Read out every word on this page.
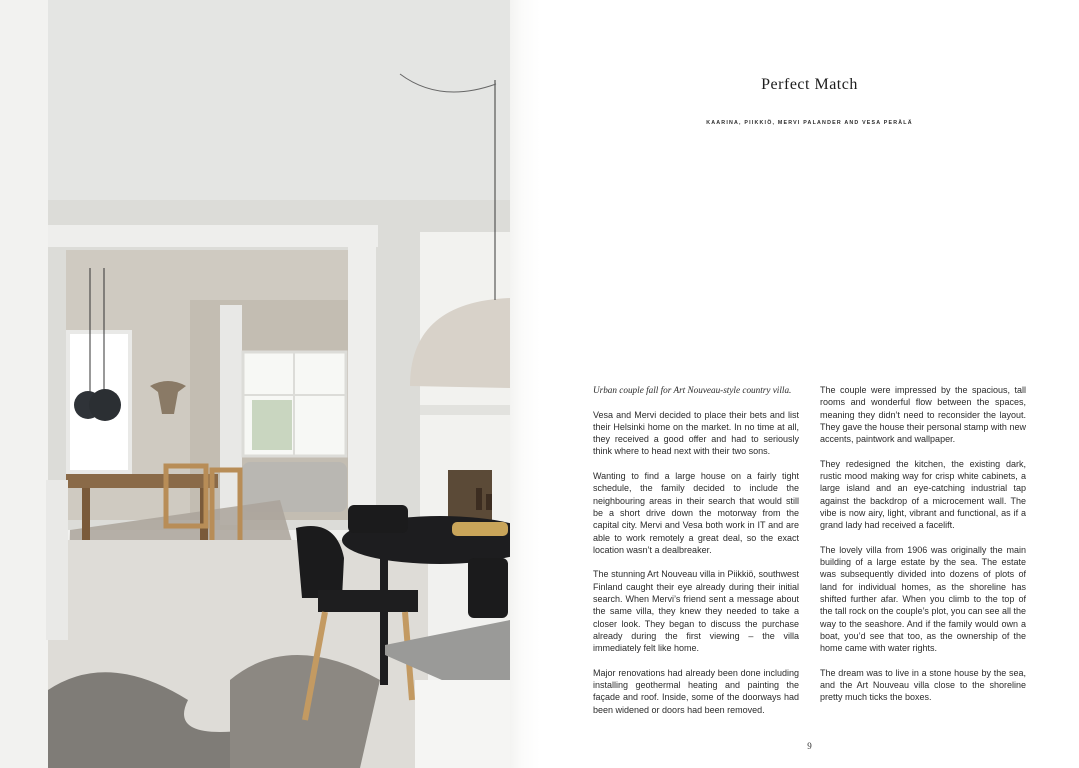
Perfect Match
KAARINA, PIIKKIÖ, MERVI PALANDER AND VESA PERÄLÄ

Urban couple fall for Art Nouveau-style country villa.

Vesa and Mervi decided to place their bets and list their Helsinki home on the market. In no time at all, they received a good offer and had to seriously think where to head next with their two sons.

Wanting to find a large house on a fairly tight schedule, the family decided to include the neighbouring areas in their search that would still be a short drive down the motorway from the capital city. Mervi and Vesa both work in IT and are able to work remotely a great deal, so the exact location wasn’t a dealbreaker.

The stunning Art Nouveau villa in Piikkiö, southwest Finland caught their eye already during their initial search. When Mervi’s friend sent a message about the same villa, they knew they needed to take a closer look. They began to discuss the purchase already during the first viewing – the villa immediately felt like home.

Major renovations had already been done including installing geothermal heating and painting the façade and roof. Inside, some of the doorways had been widened or doors had been removed.

The couple were impressed by the spacious, tall rooms and wonderful flow between the spaces, meaning they didn’t need to reconsider the layout. They gave the house their personal stamp with new accents, paintwork and wallpaper.

They redesigned the kitchen, the existing dark, rustic mood making way for crisp white cabinets, a large island and an eye-catching industrial tap against the backdrop of a microcement wall. The vibe is now airy, light, vibrant and functional, as if a grand lady had received a facelift.

The lovely villa from 1906 was originally the main building of a large estate by the sea. The estate was subsequently divided into dozens of plots of land for individual homes, as the shoreline has shifted further afar. When you climb to the top of the tall rock on the couple’s plot, you can see all the way to the seashore. And if the family would own a boat, you’d see that too, as the ownership of the home came with water rights.

The dream was to live in a stone house by the sea, and the Art Nouveau villa close to the shoreline pretty much ticks the boxes.

9
